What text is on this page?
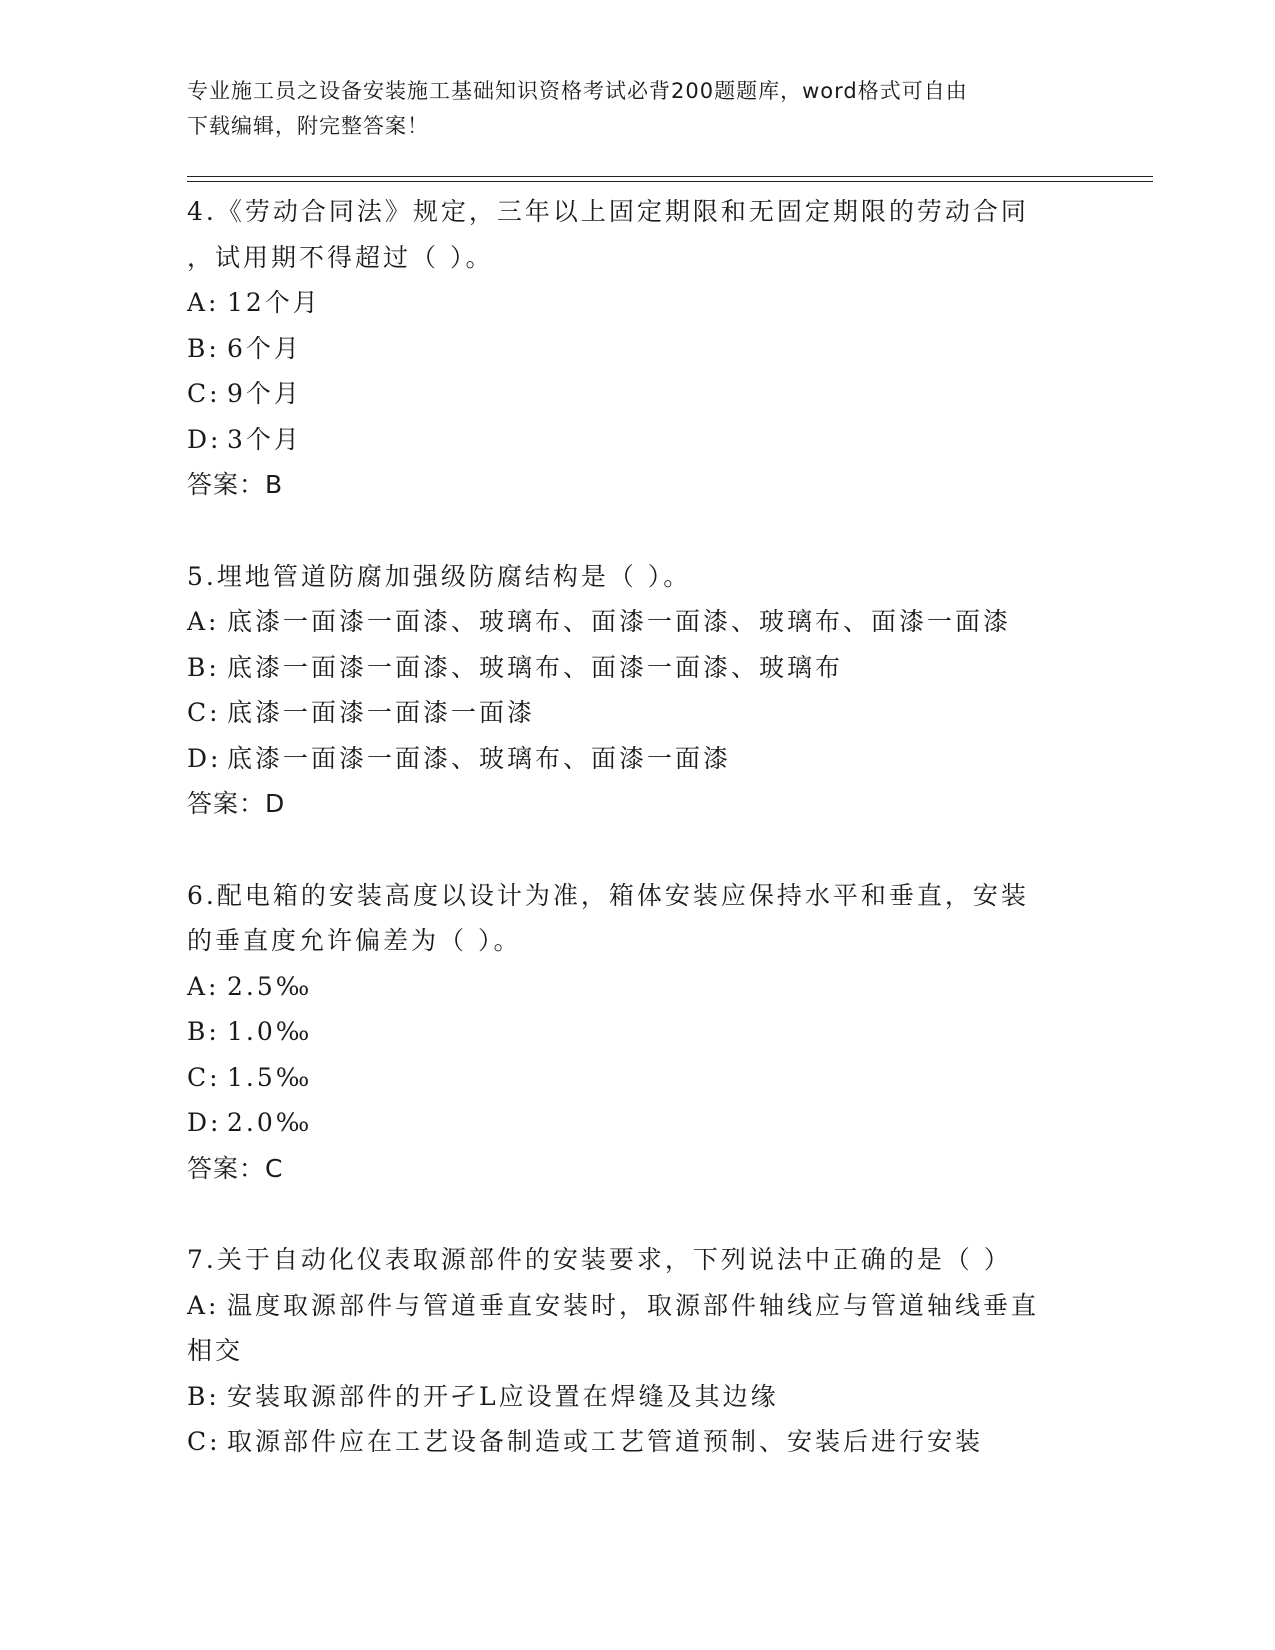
专业施工员之设备安装施工基础知识资格考试必背200题题库，word格式可自由
下载编辑，附完整答案！
4.《劳动合同法》规定，三年以上固定期限和无固定期限的劳动合同
，试用期不得超过（ ）。
A: 12个月
B: 6个月
C: 9个月
D: 3个月
答案：B
5.埋地管道防腐加强级防腐结构是（ ）。
A: 底漆一面漆一面漆、玻璃布、面漆一面漆、玻璃布、面漆一面漆
B: 底漆一面漆一面漆、玻璃布、面漆一面漆、玻璃布
C: 底漆一面漆一面漆一面漆
D: 底漆一面漆一面漆、玻璃布、面漆一面漆
答案：D
6.配电箱的安装高度以设计为准，箱体安装应保持水平和垂直，安装
的垂直度允许偏差为（ ）。
A: 2.5‰
B: 1.0‰
C: 1.5‰
D: 2.0‰
答案：C
7.关于自动化仪表取源部件的安装要求，下列说法中正确的是（ ）
A: 温度取源部件与管道垂直安装时，取源部件轴线应与管道轴线垂直
相交
B: 安装取源部件的开孑L应设置在焊缝及其边缘
C: 取源部件应在工艺设备制造或工艺管道预制、安装后进行安装
